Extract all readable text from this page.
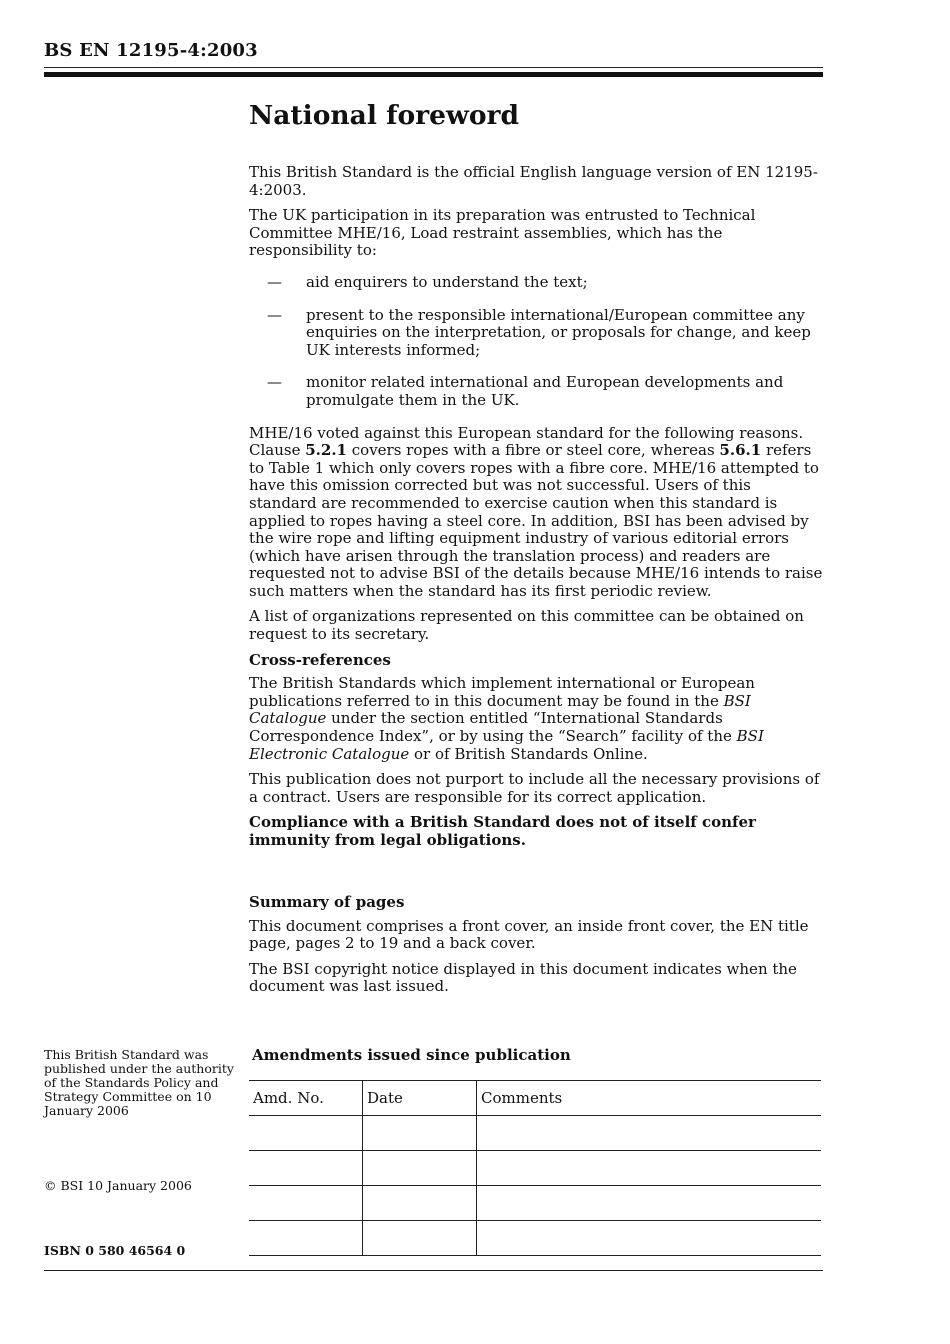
BS EN 12195-4:2003
National foreword

This British Standard is the official English language version of EN 12195-4:2003.

The UK participation in its preparation was entrusted to Technical Committee MHE/16, Load restraint assemblies, which has the responsibility to:

— aid enquirers to understand the text;
— present to the responsible international/European committee any enquiries on the interpretation, or proposals for change, and keep UK interests informed;
— monitor related international and European developments and promulgate them in the UK.

MHE/16 voted against this European standard for the following reasons. Clause 5.2.1 covers ropes with a fibre or steel core, whereas 5.6.1 refers to Table 1 which only covers ropes with a fibre core. MHE/16 attempted to have this omission corrected but was not successful. Users of this standard are recommended to exercise caution when this standard is applied to ropes having a steel core. In addition, BSI has been advised by the wire rope and lifting equipment industry of various editorial errors (which have arisen through the translation process) and readers are requested not to advise BSI of the details because MHE/16 intends to raise such matters when the standard has its first periodic review.

A list of organizations represented on this committee can be obtained on request to its secretary.

Cross-references

The British Standards which implement international or European publications referred to in this document may be found in the BSI Catalogue under the section entitled “International Standards Correspondence Index”, or by using the “Search” facility of the BSI Electronic Catalogue or of British Standards Online.

This publication does not purport to include all the necessary provisions of a contract. Users are responsible for its correct application.

Compliance with a British Standard does not of itself confer immunity from legal obligations.

Summary of pages

This document comprises a front cover, an inside front cover, the EN title page, pages 2 to 19 and a back cover.

The BSI copyright notice displayed in this document indicates when the document was last issued.

This British Standard was published under the authority of the Standards Policy and Strategy Committee on 10 January 2006
© BSI 10 January 2006
ISBN 0 580 46564 0
Amendments issued since publication
Amd. No.	Date	Comments
